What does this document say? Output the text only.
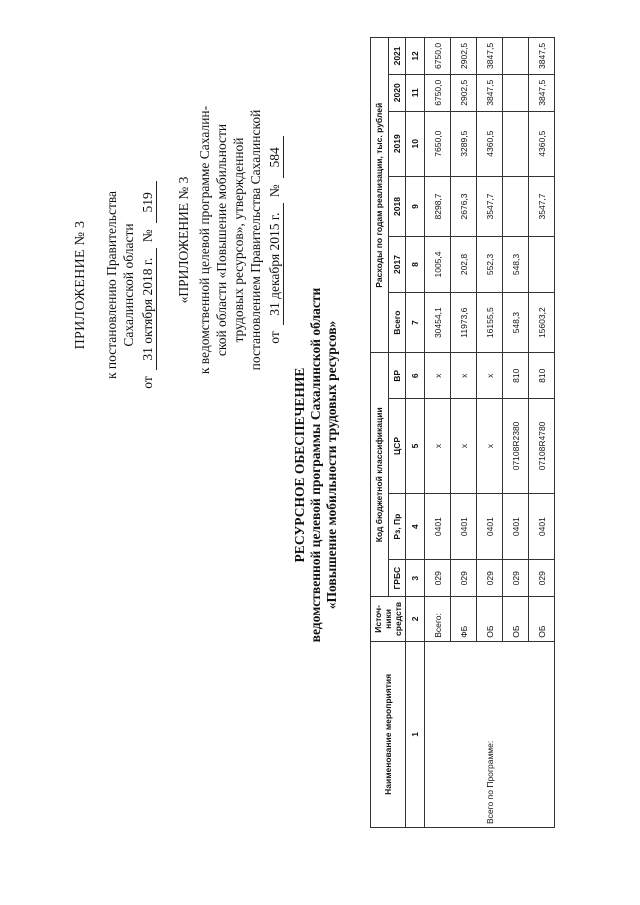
ПРИЛОЖЕНИЕ № 3 к постановлению Правительства Сахалинской области
от
31 октября 2018 г.
№
519 «ПРИЛОЖЕНИЕ № 3 к ведомственной целевой программе Сахалин- ской области «Повышение мобильности трудовых ресурсов», утвержденной постановлением Правительства Сахалинской от
31 декабря 2015 г.
№
584
РЕСУРСНОЕ ОБЕСПЕЧЕНИЕ ведомственной целевой программы Сахалинской области «Повышение мобильности трудовых ресурсов»
Наименование мероприятия	Источ-ники средств	Код бюджетной классификации				Расходы по годам реализации, тыс. рублей					
		ГРБС	Рз, Пр	ЦСР	ВР	Всего	2017	2018	2019	2020	2021
1	2	3	4	5	6	7	8	9	10	11	12
Всего по Программе:	Всего:	029	0401	x	x	30454,1	1005,4	8298,7	7650,0	6750,0	6750,0
	ФБ	029	0401	x	x	11973,6	202,8	2676,3	3289,5	2902,5	2902,5
	ОБ	029	0401	x	x	16155,5	552,3	3547,7	4360,5	3847,5	3847,5
	ОБ	029	0401	07108R2380	810	548,3	548,3				
	ОБ	029	0401	07108R4780	810	15603,2		3547,7	4360,5	3847,5	3847,5
